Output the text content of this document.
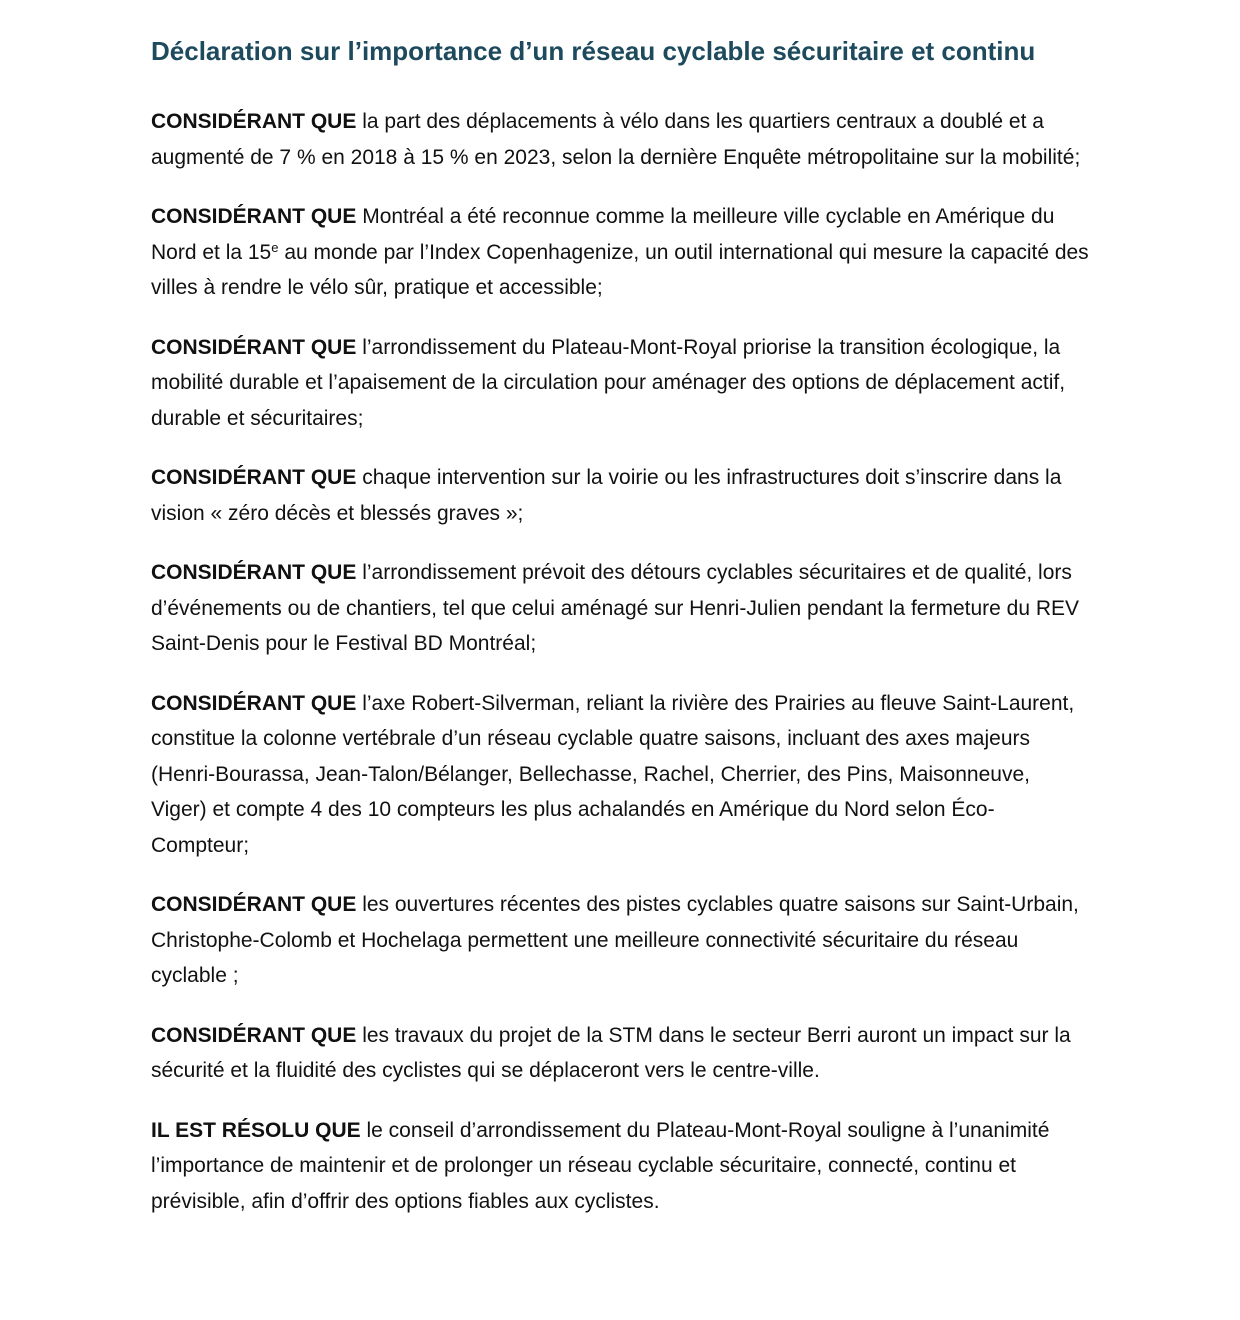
Déclaration sur l’importance d’un réseau cyclable sécuritaire et continu

CONSIDÉRANT QUE la part des déplacements à vélo dans les quartiers centraux a doublé et a augmenté de 7 % en 2018 à 15 % en 2023, selon la dernière Enquête métropolitaine sur la mobilité;

CONSIDÉRANT QUE Montréal a été reconnue comme la meilleure ville cyclable en Amérique du Nord et la 15e au monde par l’Index Copenhagenize, un outil international qui mesure la capacité des villes à rendre le vélo sûr, pratique et accessible;

CONSIDÉRANT QUE l’arrondissement du Plateau-Mont-Royal priorise la transition écologique, la mobilité durable et l’apaisement de la circulation pour aménager des options de déplacement actif, durable et sécuritaires;

CONSIDÉRANT QUE chaque intervention sur la voirie ou les infrastructures doit s’inscrire dans la vision « zéro décès et blessés graves »;

CONSIDÉRANT QUE l’arrondissement prévoit des détours cyclables sécuritaires et de qualité, lors d’événements ou de chantiers, tel que celui aménagé sur Henri-Julien pendant la fermeture du REV Saint-Denis pour le Festival BD Montréal;

CONSIDÉRANT QUE l’axe Robert-Silverman, reliant la rivière des Prairies au fleuve Saint-Laurent, constitue la colonne vertébrale d’un réseau cyclable quatre saisons, incluant des axes majeurs (Henri-Bourassa, Jean-Talon/Bélanger, Bellechasse, Rachel, Cherrier, des Pins, Maisonneuve, Viger) et compte 4 des 10 compteurs les plus achalandés en Amérique du Nord selon Éco-Compteur;

CONSIDÉRANT QUE les ouvertures récentes des pistes cyclables quatre saisons sur Saint-Urbain, Christophe-Colomb et Hochelaga permettent une meilleure connectivité sécuritaire du réseau cyclable ;

CONSIDÉRANT QUE les travaux du projet de la STM dans le secteur Berri auront un impact sur la sécurité et la fluidité des cyclistes qui se déplaceront vers le centre-ville.

IL EST RÉSOLU QUE le conseil d’arrondissement du Plateau-Mont-Royal souligne à l’unanimité l’importance de maintenir et de prolonger un réseau cyclable sécuritaire, connecté, continu et prévisible, afin d’offrir des options fiables aux cyclistes.
